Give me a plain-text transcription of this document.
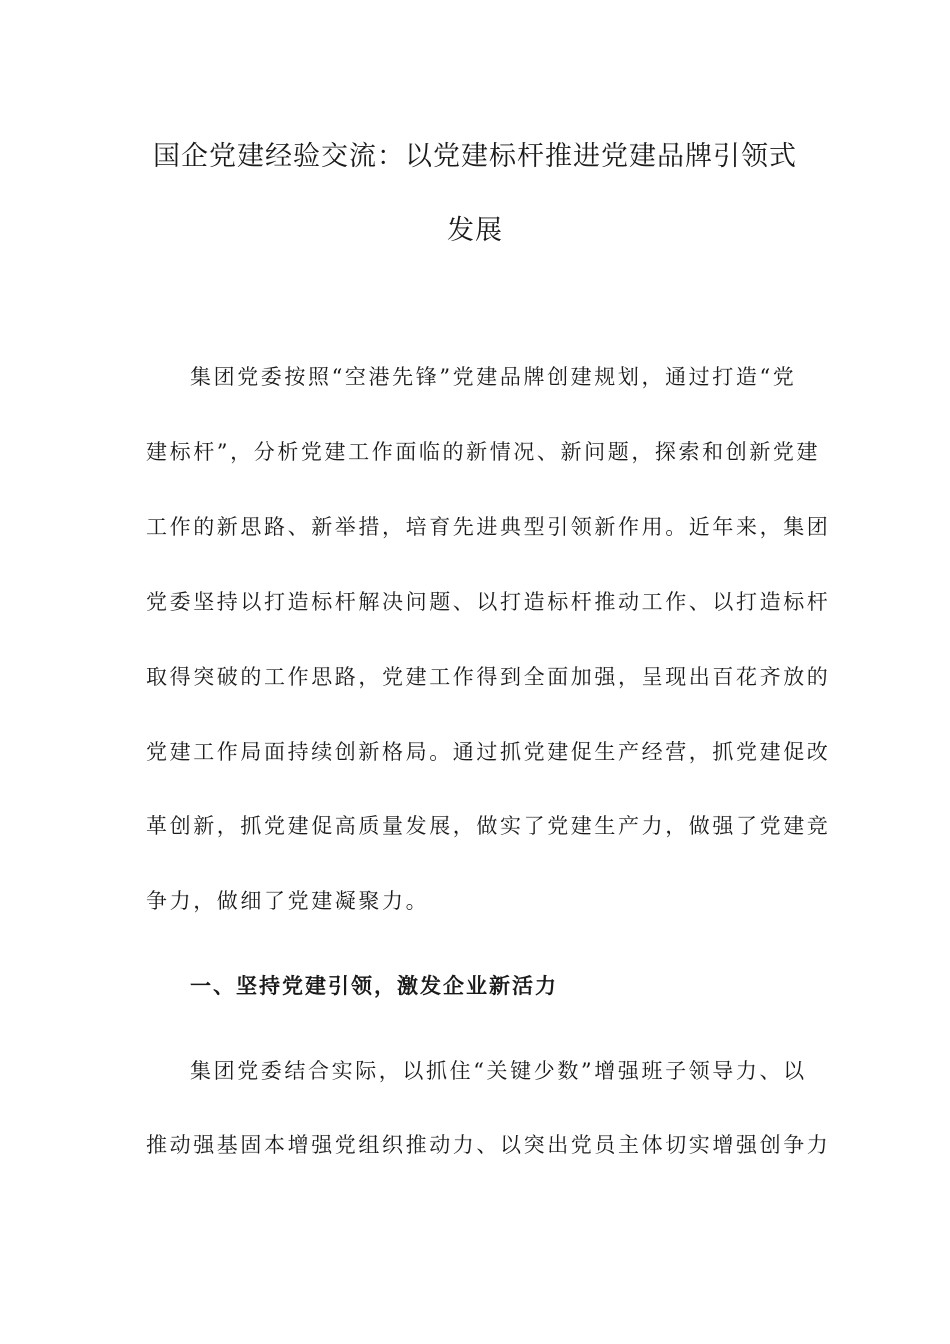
国企党建经验交流：以党建标杆推进党建品牌引领式
发展
集团党委按照“空港先锋”党建品牌创建规划，通过打造“党
建标杆”，分析党建工作面临的新情况、新问题，探索和创新党建
工作的新思路、新举措，培育先进典型引领新作用。近年来，集团
党委坚持以打造标杆解决问题、以打造标杆推动工作、以打造标杆
取得突破的工作思路，党建工作得到全面加强，呈现出百花齐放的
党建工作局面持续创新格局。通过抓党建促生产经营，抓党建促改
革创新，抓党建促高质量发展，做实了党建生产力，做强了党建竞
争力，做细了党建凝聚力。
一、坚持党建引领，激发企业新活力
集团党委结合实际，以抓住“关键少数”增强班子领导力、以
推动强基固本增强党组织推动力、以突出党员主体切实增强创争力
